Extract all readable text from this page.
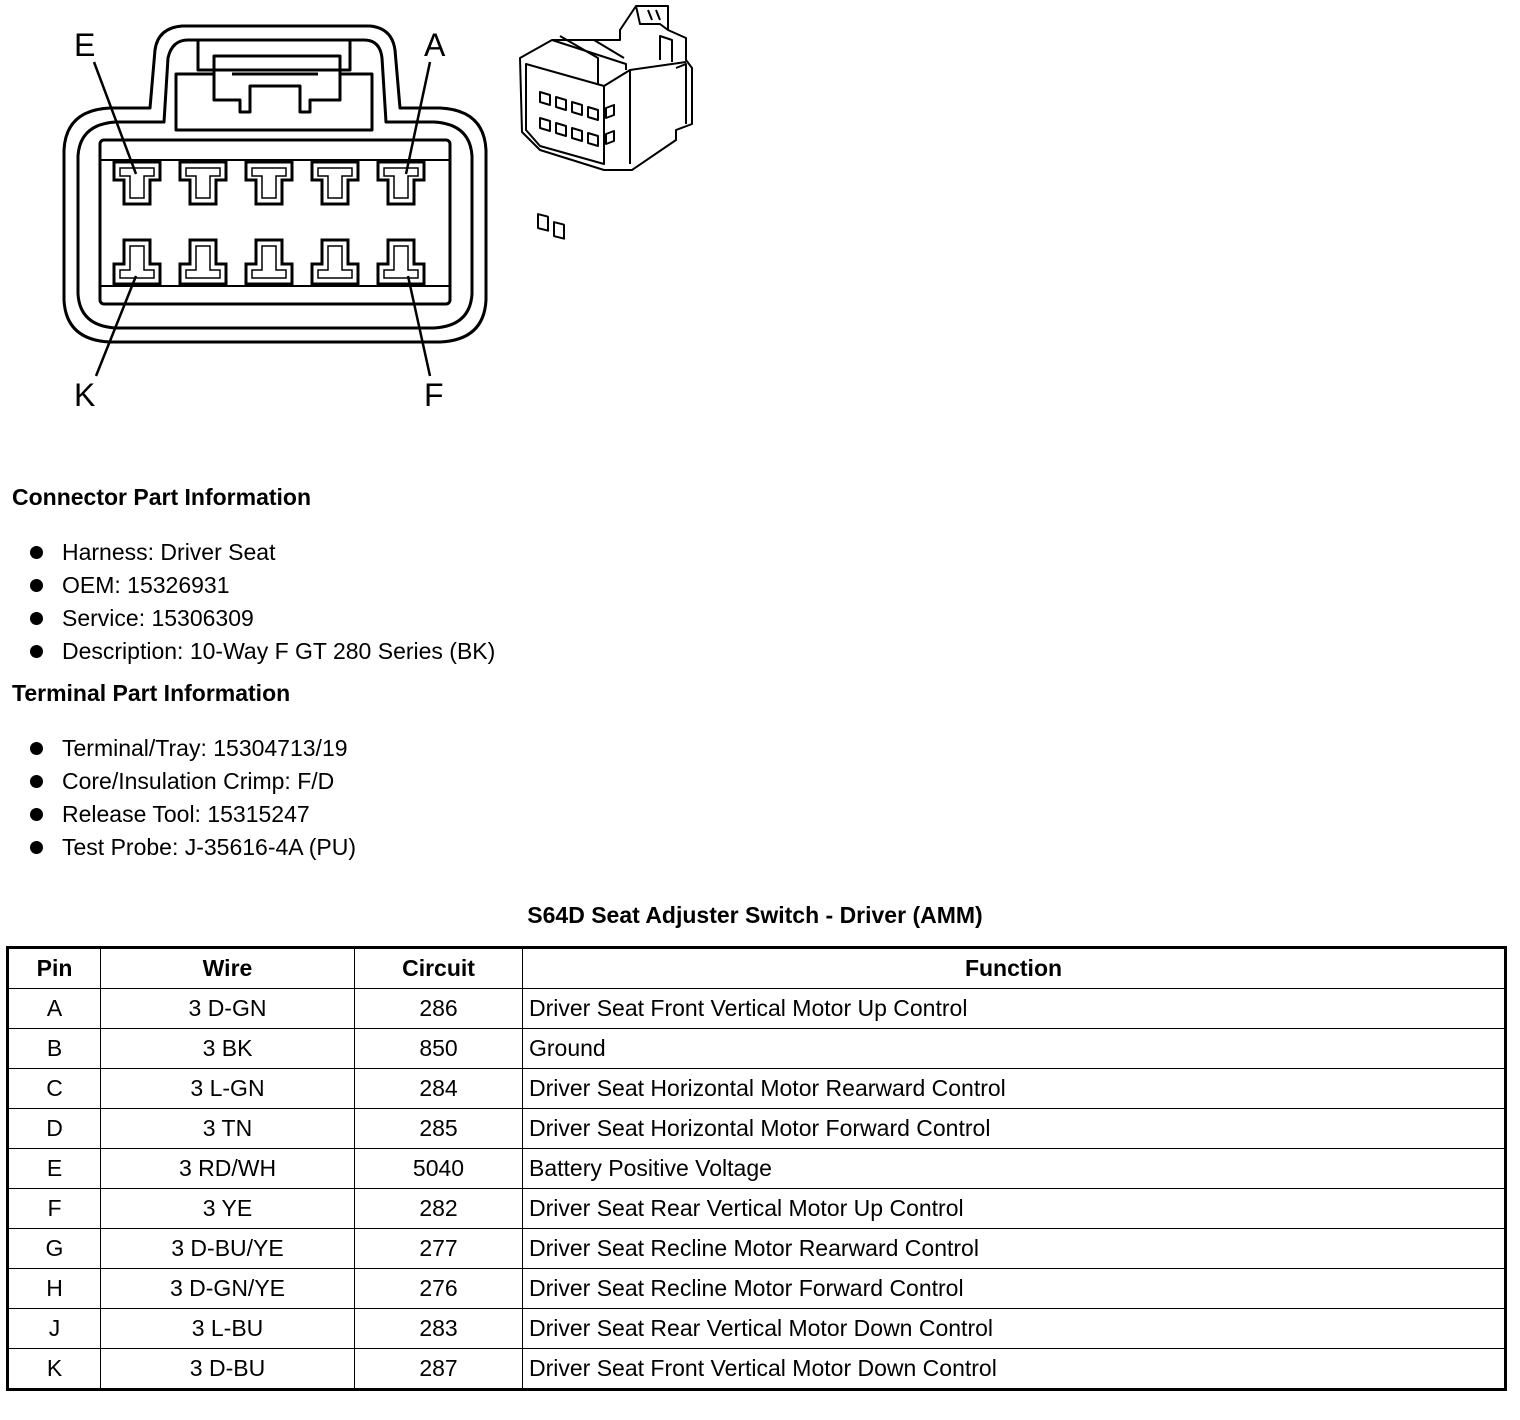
E	A
K	F
Connector Part Information
Harness: Driver Seat
OEM: 15326931
Service: 15306309
Description: 10-Way F GT 280 Series (BK)
Terminal Part Information
Terminal/Tray: 15304713/19
Core/Insulation Crimp: F/D
Release Tool: 15315247
Test Probe: J-35616-4A (PU)
S64D Seat Adjuster Switch - Driver (AMM)
Pin	Wire	Circuit	Function
A	3 D-GN	286	Driver Seat Front Vertical Motor Up Control
B	3 BK	850	Ground
C	3 L-GN	284	Driver Seat Horizontal Motor Rearward Control
D	3 TN	285	Driver Seat Horizontal Motor Forward Control
E	3 RD/WH	5040	Battery Positive Voltage
F	3 YE	282	Driver Seat Rear Vertical Motor Up Control
G	3 D-BU/YE	277	Driver Seat Recline Motor Rearward Control
H	3 D-GN/YE	276	Driver Seat Recline Motor Forward Control
J	3 L-BU	283	Driver Seat Rear Vertical Motor Down Control
K	3 D-BU	287	Driver Seat Front Vertical Motor Down Control
